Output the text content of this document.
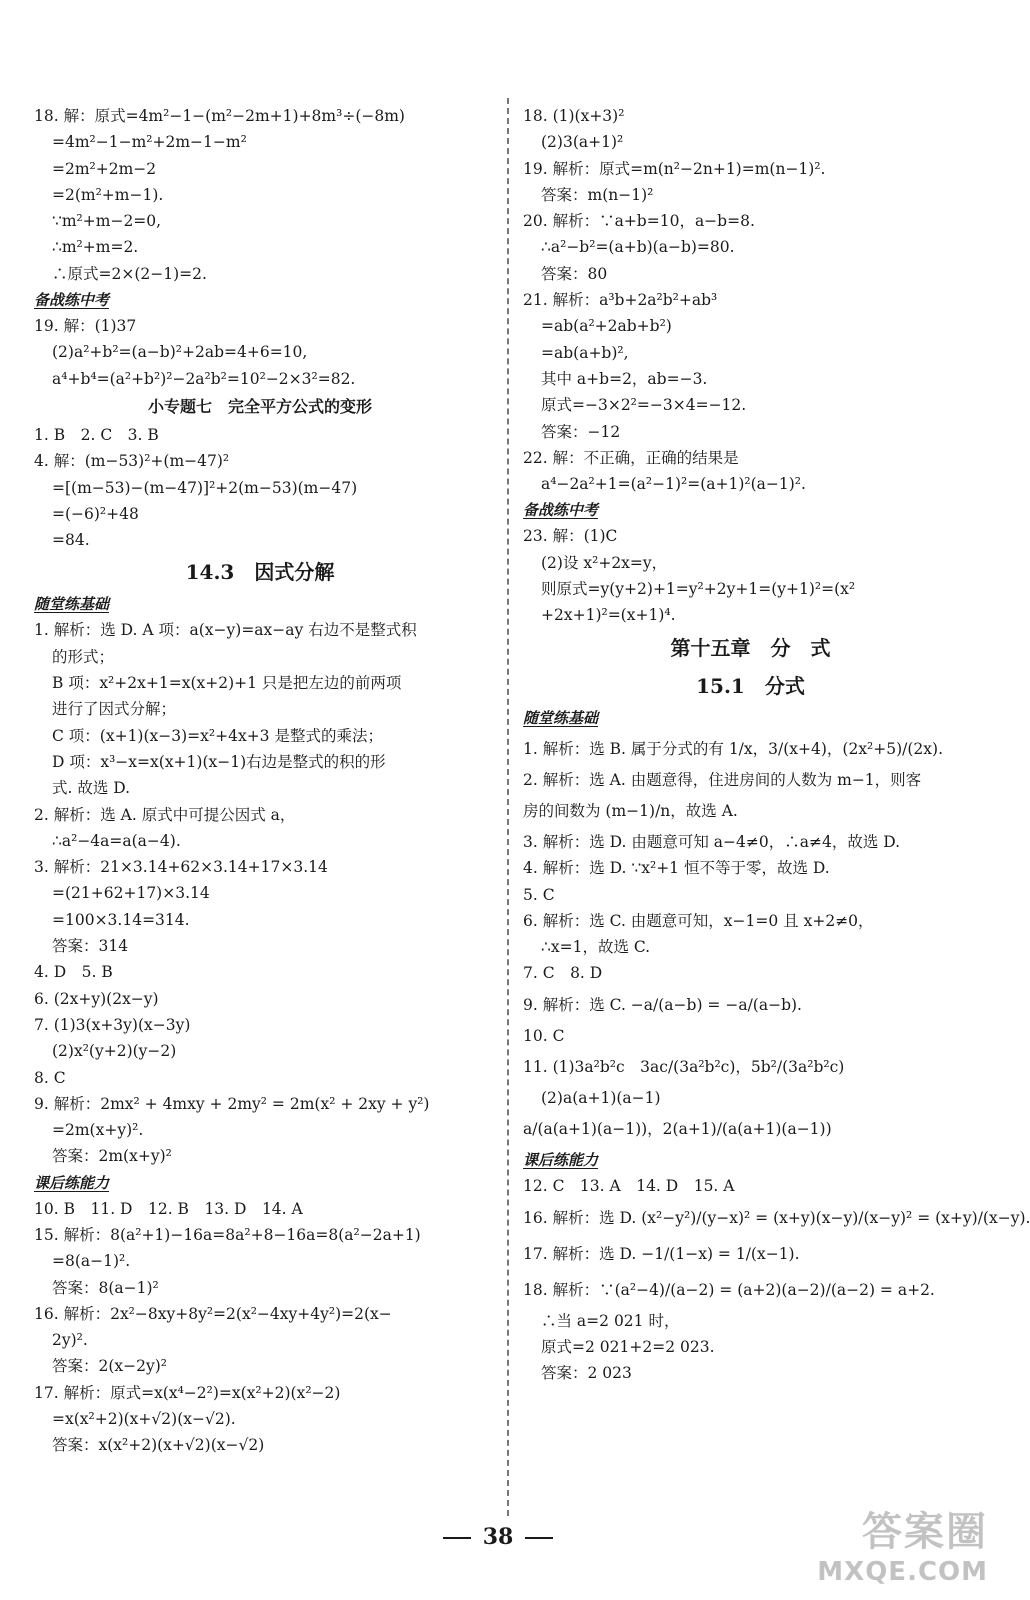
18. 解：原式=4m²−1−(m²−2m+1)+8m³÷(−8m)
=4m²−1−m²+2m−1−m²
=2m²+2m−2
=2(m²+m−1).
∵m²+m−2=0,
∴m²+m=2.
∴原式=2×(2−1)=2.
备战练中考
19. 解：(1)37
(2)a²+b²=(a−b)²+2ab=4+6=10,
a⁴+b⁴=(a²+b²)²−2a²b²=10²−2×3²=82.
小专题七　完全平方公式的变形
1. B　2. C　3. B
4. 解：(m−53)²+(m−47)²
=[(m−53)−(m−47)]²+2(m−53)(m−47)
=(−6)²+48
=84.
14.3　因式分解
随堂练基础
1. 解析：选 D. A 项：a(x−y)=ax−ay 右边不是整式积
的形式；
B 项：x²+2x+1=x(x+2)+1 只是把左边的前两项
进行了因式分解；
C 项：(x+1)(x−3)=x²+4x+3 是整式的乘法；
D 项：x³−x=x(x+1)(x−1)右边是整式的积的形
式. 故选 D.
2. 解析：选 A. 原式中可提公因式 a，
∴a²−4a=a(a−4).
3. 解析：21×3.14+62×3.14+17×3.14
=(21+62+17)×3.14
=100×3.14=314.
答案：314
4. D　5. B
6. (2x+y)(2x−y)
7. (1)3(x+3y)(x−3y)
(2)x²(y+2)(y−2)
8. C
9. 解析：2mx² + 4mxy + 2my² = 2m(x² + 2xy + y²)
=2m(x+y)².
答案：2m(x+y)²
课后练能力
10. B　11. D　12. B　13. D　14. A
15. 解析：8(a²+1)−16a=8a²+8−16a=8(a²−2a+1)
=8(a−1)².
答案：8(a−1)²
16. 解析：2x²−8xy+8y²=2(x²−4xy+4y²)=2(x−
2y)².
答案：2(x−2y)²
17. 解析：原式=x(x⁴−2²)=x(x²+2)(x²−2)
=x(x²+2)(x+√2)(x−√2).
答案：x(x²+2)(x+√2)(x−√2)
18. (1)(x+3)²
(2)3(a+1)²
19. 解析：原式=m(n²−2n+1)=m(n−1)².
答案：m(n−1)²
20. 解析：∵a+b=10，a−b=8.
∴a²−b²=(a+b)(a−b)=80.
答案：80
21. 解析：a³b+2a²b²+ab³
=ab(a²+2ab+b²)
=ab(a+b)²,
其中 a+b=2，ab=−3.
原式=−3×2²=−3×4=−12.
答案：−12
22. 解：不正确，正确的结果是
a⁴−2a²+1=(a²−1)²=(a+1)²(a−1)².
备战练中考
23. 解：(1)C
(2)设 x²+2x=y，
则原式=y(y+2)+1=y²+2y+1=(y+1)²=(x²
+2x+1)²=(x+1)⁴.
第十五章　分　式
15.1　分式
随堂练基础
1. 解析：选 B. 属于分式的有 1/x，3/(x+4)，(2x²+5)/(2x).
2. 解析：选 A. 由题意得，住进房间的人数为 m−1，则客
房的间数为 (m−1)/n，故选 A.
3. 解析：选 D. 由题意可知 a−4≠0，∴a≠4，故选 D.
4. 解析：选 D. ∵x²+1 恒不等于零，故选 D.
5. C
6. 解析：选 C. 由题意可知，x−1=0 且 x+2≠0，
∴x=1，故选 C.
7. C　8. D
9. 解析：选 C. −a/(a−b) = −a/(a−b).
10. C
11. (1)3a²b²c　3ac/(3a²b²c)，5b²/(3a²b²c)
(2)a(a+1)(a−1)
a/(a(a+1)(a−1))，2(a+1)/(a(a+1)(a−1))
课后练能力
12. C　13. A　14. D　15. A
16. 解析：选 D. (x²−y²)/(y−x)² = (x+y)(x−y)/(x−y)² = (x+y)/(x−y).
17. 解析：选 D. −1/(1−x) = 1/(x−1).
18. 解析：∵(a²−4)/(a−2) = (a+2)(a−2)/(a−2) = a+2.
∴当 a=2 021 时，
原式=2 021+2=2 023.
答案：2 023
38	答案圈
MXQE.COM
